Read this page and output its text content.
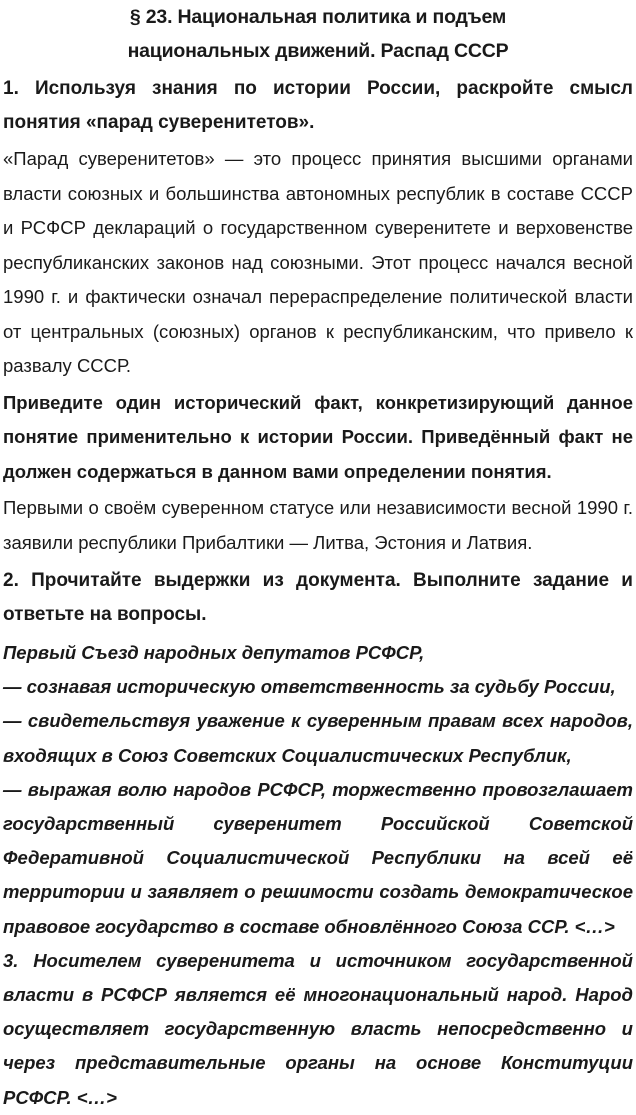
§ 23. Национальная политика и подъем
национальных движений. Распад СССР

1. Используя знания по истории России, раскройте смысл понятия «парад суверенитетов».

«Парад суверенитетов» — это процесс принятия высшими органами власти союзных и большинства автономных республик в составе СССР и РСФСР деклараций о государственном суверенитете и верховенстве республиканских законов над союзными. Этот процесс начался весной 1990 г. и фактически означал перераспределение политической власти от центральных (союзных) органов к республиканским, что привело к развалу СССР.

Приведите один исторический факт, конкретизирующий данное понятие применительно к истории России. Приведённый факт не должен содержаться в данном вами определении понятия.

Первыми о своём суверенном статусе или независимости весной 1990 г. заявили республики Прибалтики — Литва, Эстония и Латвия.

2. Прочитайте выдержки из документа. Выполните задание и ответьте на вопросы.

Первый Съезд народных депутатов РСФСР,

— сознавая историческую ответственность за судьбу России,

— свидетельствуя уважение к суверенным правам всех народов, входящих в Союз Советских Социалистических Республик,

— выражая волю народов РСФСР, торжественно провозглашает государственный суверенитет Российской Советской Федеративной Социалистической Республики на всей её территории и заявляет о решимости создать демократическое правовое государство в составе обновлённого Союза ССР. <…>

3. Носителем суверенитета и источником государственной власти в РСФСР является её многонациональный народ. Народ осуществляет государственную власть непосредственно и через представительные органы на основе Конституции РСФСР. <…>
